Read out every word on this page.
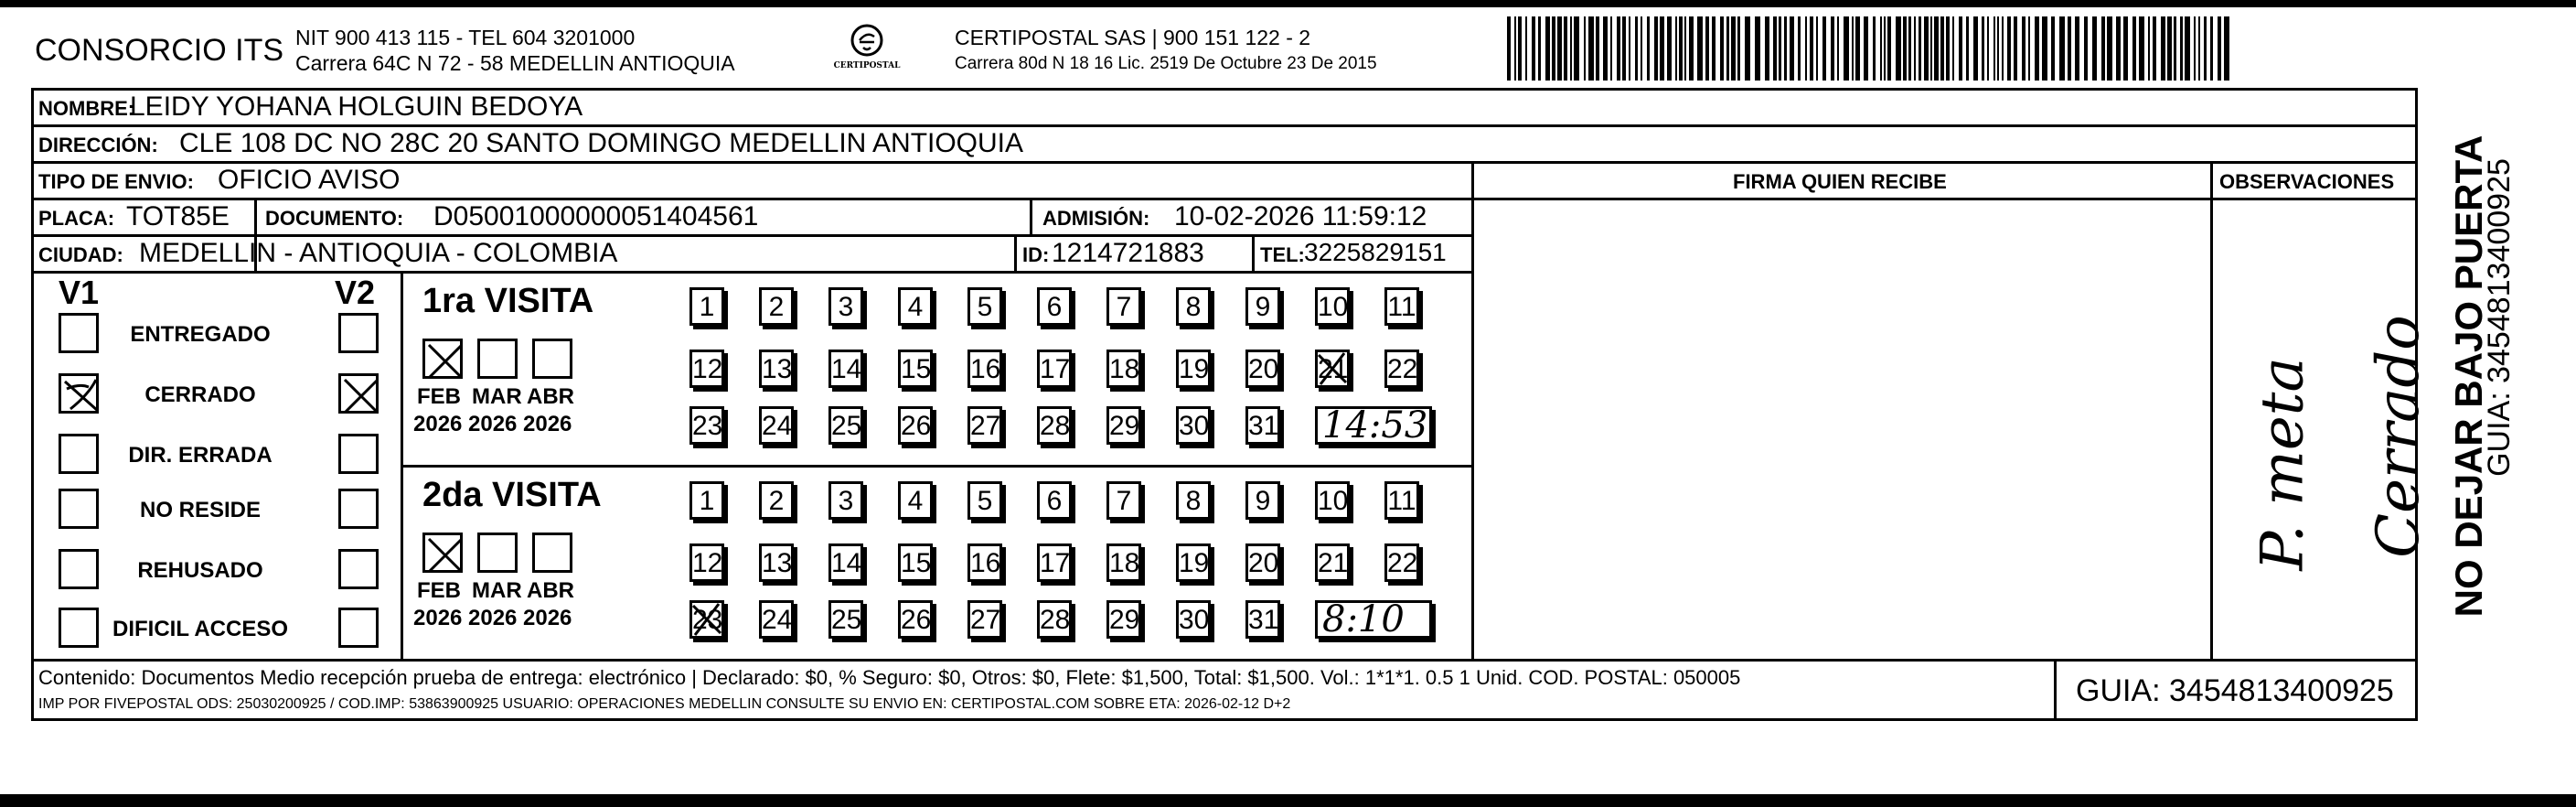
CONSORCIO ITS NIT 900 413 115 - TEL 604 3201000
Carrera 64C N 72 - 58 MEDELLIN ANTIOQUIA	CERTIPOSTAL
CERTIPOSTAL SAS | 900 151 122 - 2
Carrera 80d N 18 16 Lic. 2519 De Octubre 23 De 2015
NOMBRE:
LEIDY YOHANA HOLGUIN BEDOYA
DIRECCIÓN: CLE 108 DC NO 28C 20 SANTO DOMINGO MEDELLIN ANTIOQUIA
TIPO DE ENVIO: OFICIO AVISO	FIRMA QUIEN RECIBE	OBSERVACIONES
PLACA: TOT85E DOCUMENTO: D05001000000051404561	ADMISIÓN: 10-02-2026 11:59:12
CIUDAD: MEDELLIN - ANTIOQUIA - COLOMBIA	ID: 1214721883	TEL: 3225829151
V1	V2
ENTREGADO
CERRADO
DIR. ERRADA
NO RESIDE
REHUSADO
DIFICIL ACCESO
1ra VISITA
FEB
2026
MAR
2026
ABR
2026
1	2	3	4	5	6	7	8	9	10 11
12 13 14 15 16 17 18 19 20 21 22
23 24 25 26 27 28 29 30 31 14:53
2da VISITA
FEB
2026
MAR
2026
ABR
2026
1	2	3	4	5	6	7	8	9	10 11
12 13 14 15 16 17 18 19 20 21 22
23 24 25 26 27 28 29 30 31 8:10
Cerrado
P. meta	NO DEJAR BAJO PUERTA
GUIA: 3454813400925
Contenido: Documentos Medio recepción prueba de entrega: electrónico | Declarado: $0, % Seguro: $0, Otros: $0, Flete: $1,500, Total: $1,500. Vol.: 1*1*1. 0.5 1 Unid. COD. POSTAL: 050005
IMP POR FIVEPOSTAL ODS: 25030200925 / COD.IMP: 53863900925 USUARIO: OPERACIONES MEDELLIN CONSULTE SU ENVIO EN: CERTIPOSTAL.COM SOBRE ETA: 2026-02-12 D+2	GUIA: 3454813400925
